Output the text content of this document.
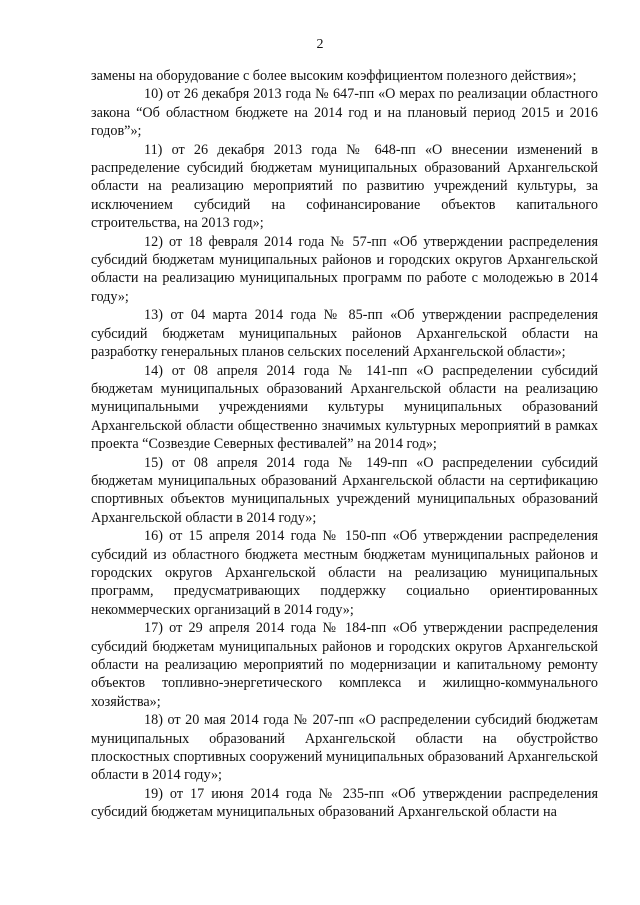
2

замены на оборудование с более высоким коэффициентом полезного действия»;

10) от 26 декабря 2013 года № 647-пп «О мерах по реализации областного закона “Об областном бюджете на 2014 год и на плановый период 2015 и 2016 годов”»;

11) от 26 декабря 2013 года № 648-пп «О внесении изменений в распределение субсидий бюджетам муниципальных образований Архангельской области на реализацию мероприятий по развитию учреждений культуры, за исключением субсидий на софинансирование объектов капитального строительства, на 2013 год»;

12) от 18 февраля 2014 года № 57-пп «Об утверждении распределения субсидий бюджетам муниципальных районов и городских округов Архангельской области на реализацию муниципальных программ по работе с молодежью в 2014 году»;

13) от 04 марта 2014 года № 85-пп «Об утверждении распределения субсидий бюджетам муниципальных районов Архангельской области на разработку генеральных планов сельских поселений Архангельской области»;

14) от 08 апреля 2014 года № 141-пп «О распределении субсидий бюджетам муниципальных образований Архангельской области на реализацию муниципальными учреждениями культуры муниципальных образований Архангельской области общественно значимых культурных мероприятий в рамках проекта “Созвездие Северных фестивалей” на 2014 год»;

15) от 08 апреля 2014 года № 149-пп «О распределении субсидий бюджетам муниципальных образований Архангельской области на сертификацию спортивных объектов муниципальных учреждений муниципальных образований Архангельской области в 2014 году»;

16) от 15 апреля 2014 года № 150-пп «Об утверждении распределения субсидий из областного бюджета местным бюджетам муниципальных районов и городских округов Архангельской области на реализацию муниципальных программ, предусматривающих поддержку социально ориентированных некоммерческих организаций в 2014 году»;

17) от 29 апреля 2014 года № 184-пп «Об утверждении распределения субсидий бюджетам муниципальных районов и городских округов Архангельской области на реализацию мероприятий по модернизации и капитальному ремонту объектов топливно-энергетического комплекса и жилищно-коммунального хозяйства»;

18) от 20 мая 2014 года № 207-пп «О распределении субсидий бюджетам муниципальных образований Архангельской области на обустройство плоскостных спортивных сооружений муниципальных образований Архангельской области в 2014 году»;

19) от 17 июня 2014 года № 235-пп «Об утверждении распределения субсидий бюджетам муниципальных образований Архангельской области на
